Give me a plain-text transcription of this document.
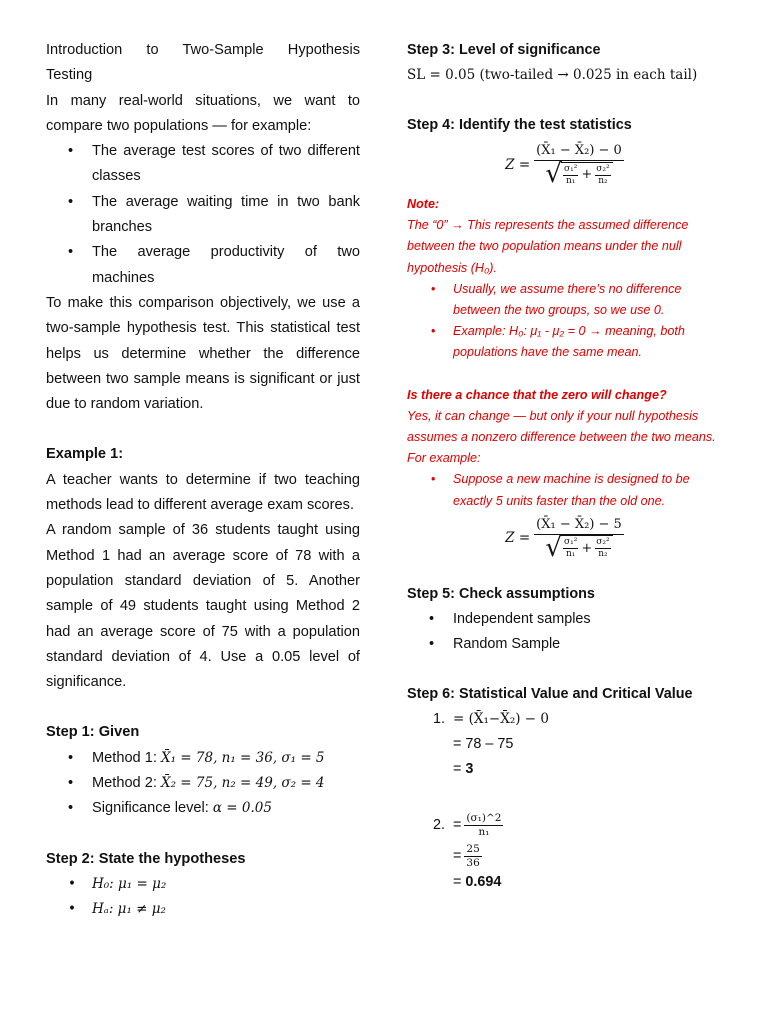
Introduction to Two-Sample Hypothesis

Testing

In many real-world situations, we want to compare two populations — for example:

• The average test scores of two different classes
• The average waiting time in two bank branches
• The average productivity of two machines

To make this comparison objectively, we use a two-sample hypothesis test. This statistical test helps us determine whether the difference between two sample means is significant or just due to random variation.

Example 1:

A teacher wants to determine if two teaching methods lead to different average exam scores.

A random sample of 36 students taught using Method 1 had an average score of 78 with a population standard deviation of 5. Another sample of 49 students taught using Method 2 had an average score of 75 with a population standard deviation of 4. Use a 0.05 level of significance.

Step 1: Given

• Method 1: X̄₁ = 78, n₁ = 36, σ₁ = 5
• Method 2: X̄₂ = 75, n₂ = 49, σ₂ = 4
• Significance level: α = 0.05

Step 2: State the hypotheses

• H₀: μ₁ = μ₂
• Hₐ: μ₁ ≠ μ₂

Step 3: Level of significance

SL = 0.05 (two-tailed → 0.025 in each tail)

Step 4: Identify the test statistics

Z = (X̄₁ − X̄₂) − 0
√ σ₁²
$n_1 + \frac{\text{σ₂²}}{\text{n₂}}$

Note:

The “0” → This represents the assumed difference between the two population means under the null hypothesis (H₀).

• Usually, we assume there’s no difference between the two groups, so we use 0.
• Example: H₀: μ₁ - μ₂ = 0 → meaning, both populations have the same mean.

Is there a chance that the zero will change?

Yes, it can change — but only if your null hypothesis assumes a nonzero difference between the two means.

For example:

• Suppose a new machine is designed to be exactly 5 units faster than the old one.
Z = (X̄₁ − X̄₂) − 5
√ σ₁²
$n_1 + \frac{\text{σ₂²}}{\text{n₂}}$

Step 5: Check assumptions

• Independent samples
• Random Sample

Step 6: Statistical Value and Critical Value

1. = (X̄₁−X̄₂) − 0

= 78 – 75

= 3

2. = $\frac{\text{(σ₁)\textasciicircum{}2}}{\text{n₁}}$
= $\frac{25}{36}$

= 0.694
